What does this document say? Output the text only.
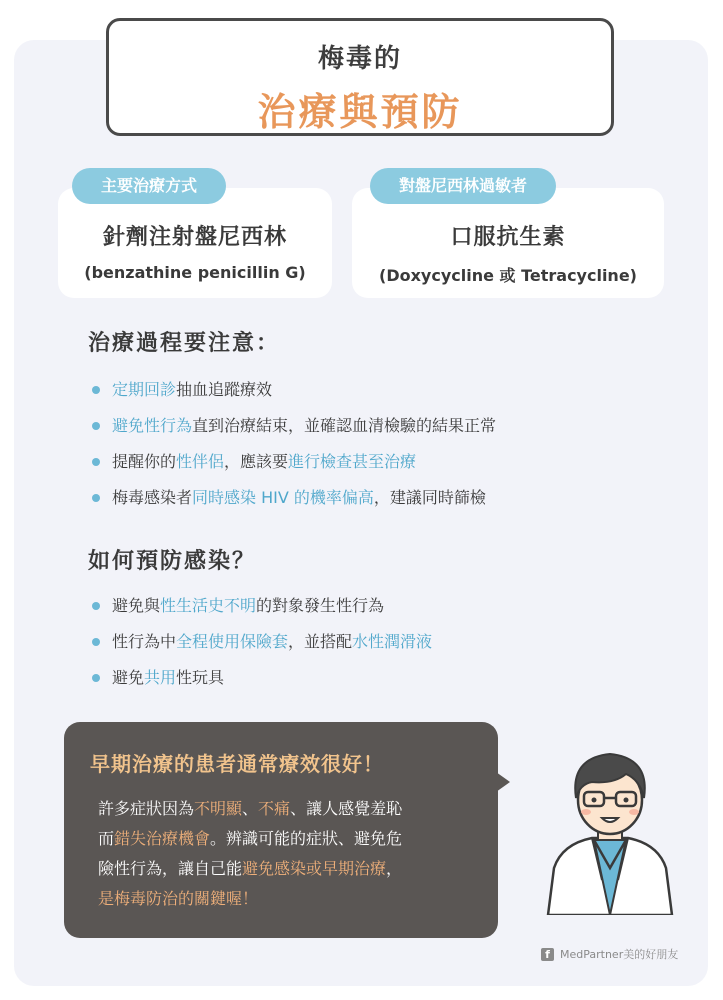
梅毒的
治療與預防
針劑注射盤尼西林
(benzathine penicillin G)
主要治療方式
口服抗生素
(Doxycycline 或 Tetracycline)
對盤尼西林過敏者
治療過程要注意：
定期回診抽血追蹤療效
避免性行為直到治療結束，並確認血清檢驗的結果正常
提醒你的性伴侶，應該要進行檢查甚至治療
梅毒感染者同時感染 HIV 的機率偏高，建議同時篩檢
如何預防感染？
避免與性生活史不明的對象發生性行為
性行為中全程使用保險套，並搭配水性潤滑液
避免共用性玩具
早期治療的患者通常療效很好！
許多症狀因為不明顯、不痛、讓人感覺羞恥
而錯失治療機會。辨識可能的症狀、避免危
險性行為，讓自己能避免感染或早期治療，
是梅毒防治的關鍵喔！
f MedPartner美的好朋友
